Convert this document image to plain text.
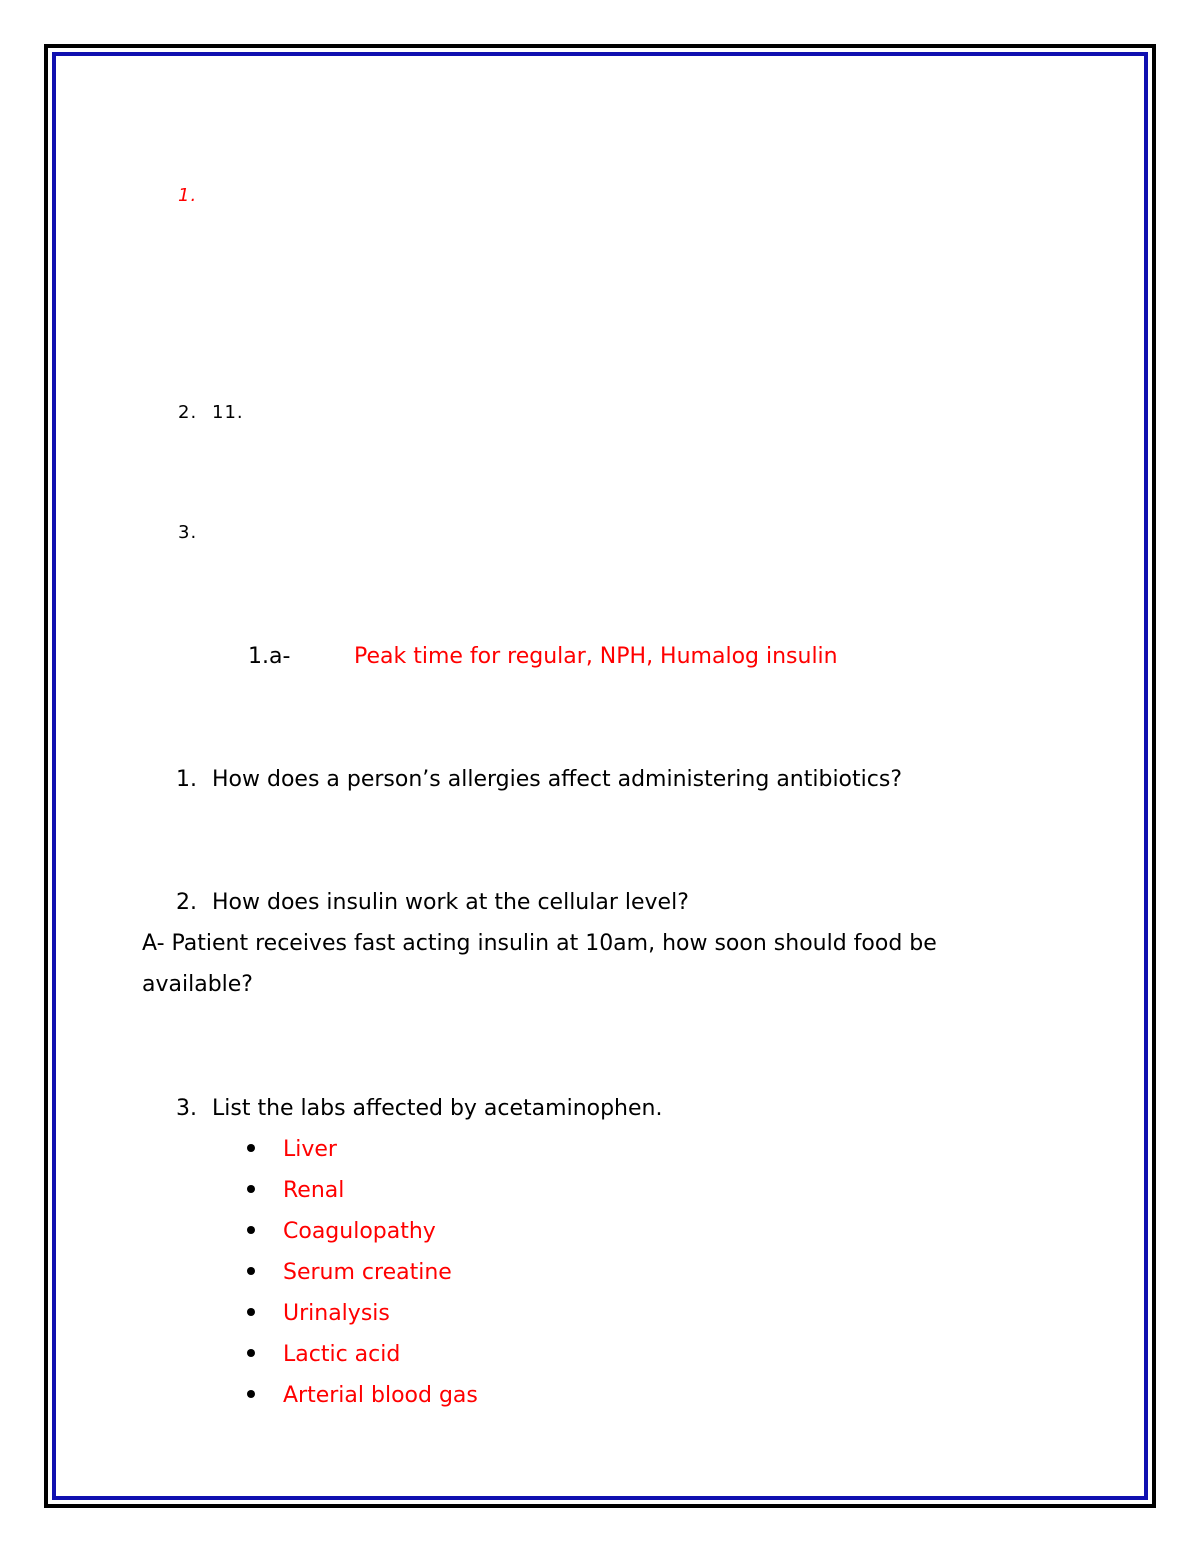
1.

2. 11.

3.

1.a-	Peak time for regular, NPH, Humalog insulin

1. How does a person’s allergies affect administering antibiotics?

2. How does insulin work at the cellular level?

A- Patient receives fast acting insulin at 10am, how soon should food be

available?

3. List the labs affected by acetaminophen.

Liver

Renal

Coagulopathy

Serum creatine

Urinalysis

Lactic acid

Arterial blood gas
